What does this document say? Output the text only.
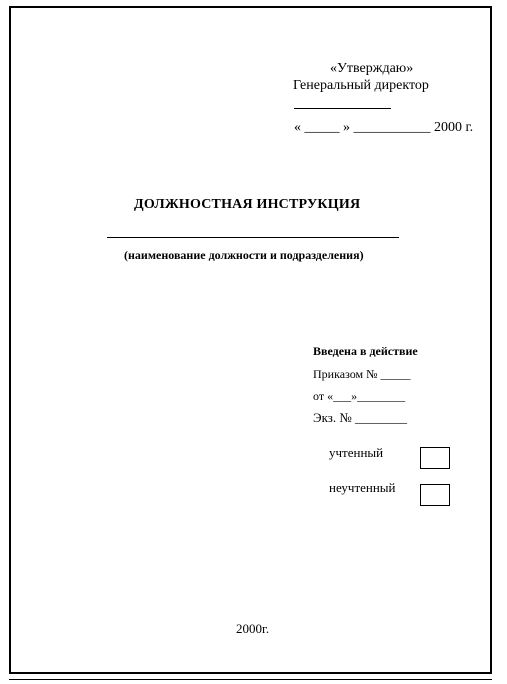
«Утверждаю»
Генеральный директор
« _____ » ___________ 2000 г.
ДОЛЖНОСТНАЯ ИНСТРУКЦИЯ
(наименование должности и подразделения)
Введена в действие
Приказом № _____
от «___»________
Экз. № ________
учтенный
неучтенный
2000г.
